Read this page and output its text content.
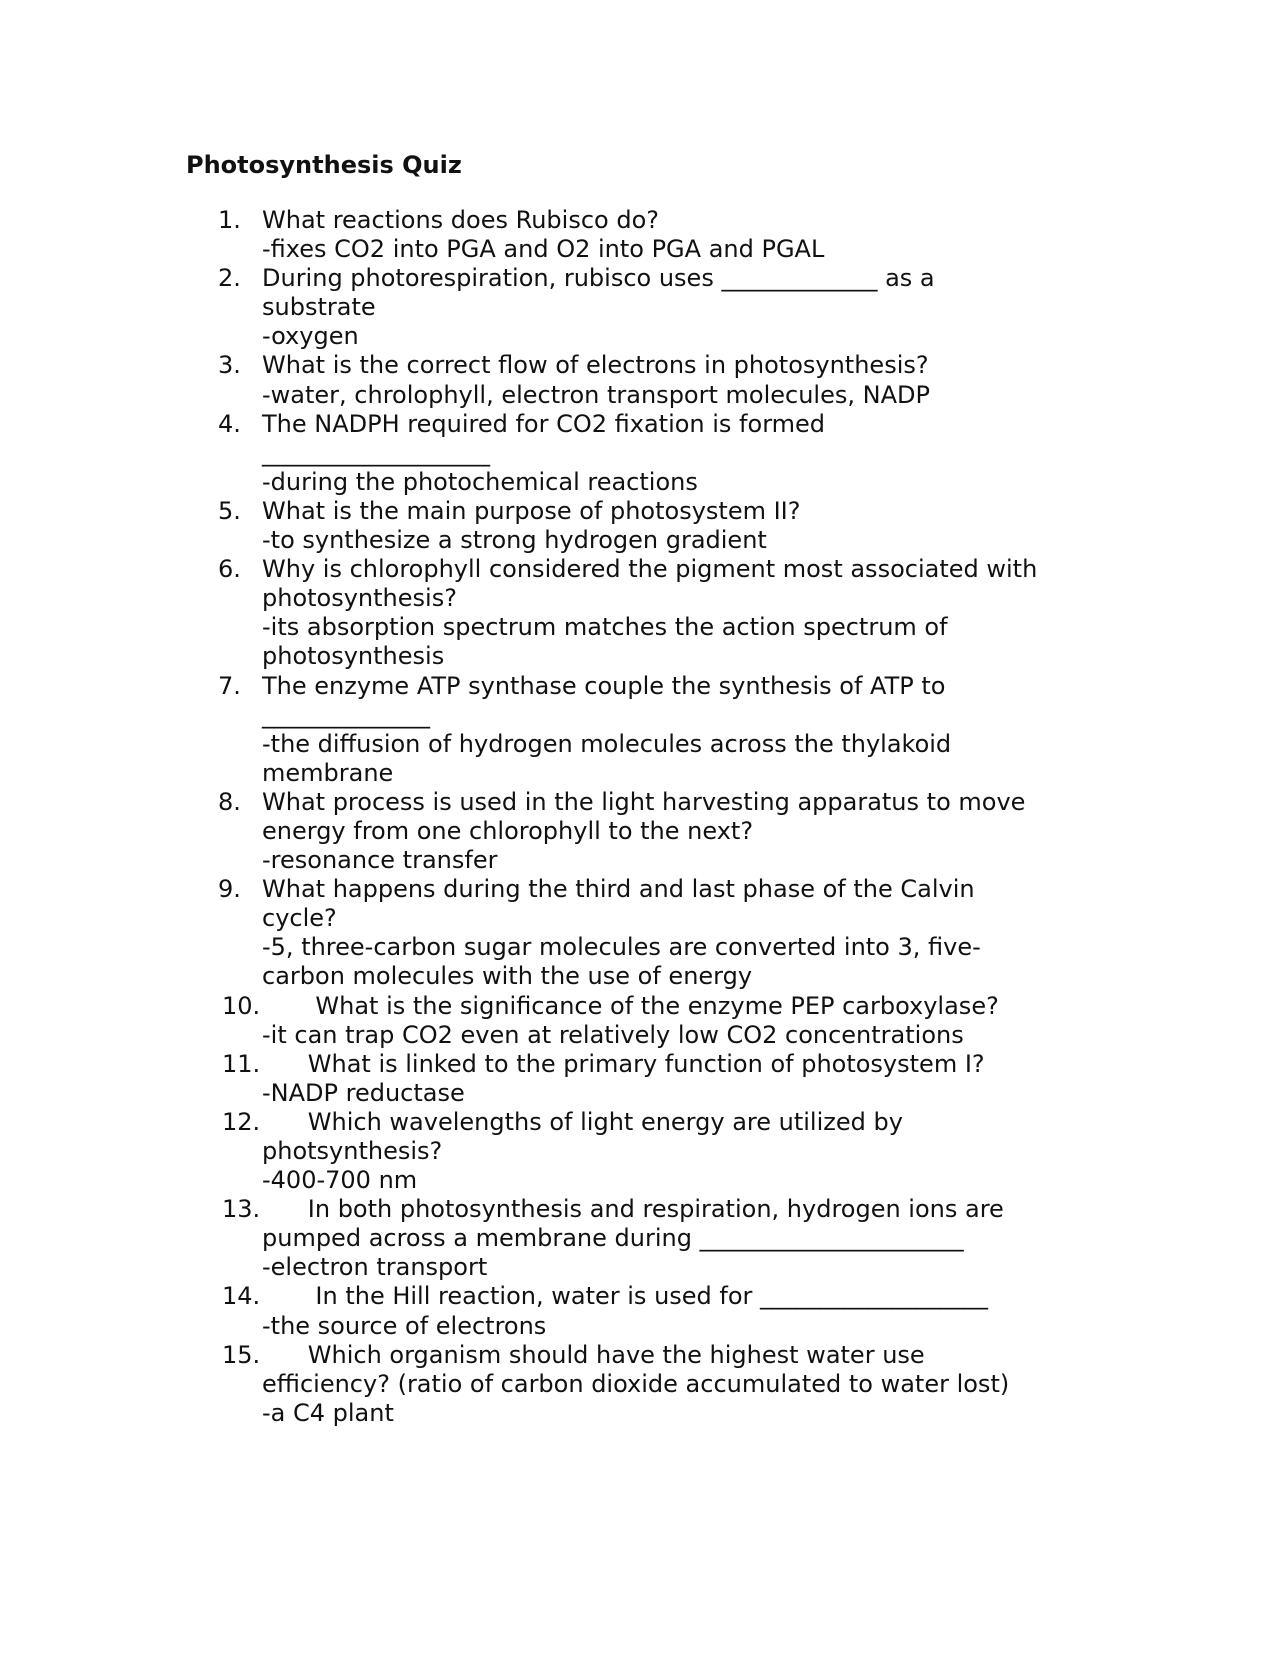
Photosynthesis Quiz
1. What reactions does Rubisco do?
-fixes CO2 into PGA and O2 into PGA and PGAL
2. During photorespiration, rubisco uses _____________ as a
substrate
-oxygen
3. What is the correct flow of electrons in photosynthesis?
-water, chrolophyll, electron transport molecules, NADP
4. The NADPH required for CO2 fixation is formed
___________________
-during the photochemical reactions
5. What is the main purpose of photosystem II?
-to synthesize a strong hydrogen gradient
6. Why is chlorophyll considered the pigment most associated with
photosynthesis?
-its absorption spectrum matches the action spectrum of
photosynthesis
7. The enzyme ATP synthase couple the synthesis of ATP to
______________
-the diffusion of hydrogen molecules across the thylakoid
membrane
8. What process is used in the light harvesting apparatus to move
energy from one chlorophyll to the next?
-resonance transfer
9. What happens during the third and last phase of the Calvin
cycle?
-5, three-carbon sugar molecules are converted into 3, five-
carbon molecules with the use of energy
10. What is the significance of the enzyme PEP carboxylase?
-it can trap CO2 even at relatively low CO2 concentrations
11. What is linked to the primary function of photosystem I?
-NADP reductase
12. Which wavelengths of light energy are utilized by
photsynthesis?
-400-700 nm
13. In both photosynthesis and respiration, hydrogen ions are
pumped across a membrane during ______________________
-electron transport
14. In the Hill reaction, water is used for ___________________
-the source of electrons
15. Which organism should have the highest water use
efficiency? (ratio of carbon dioxide accumulated to water lost)
-a C4 plant
